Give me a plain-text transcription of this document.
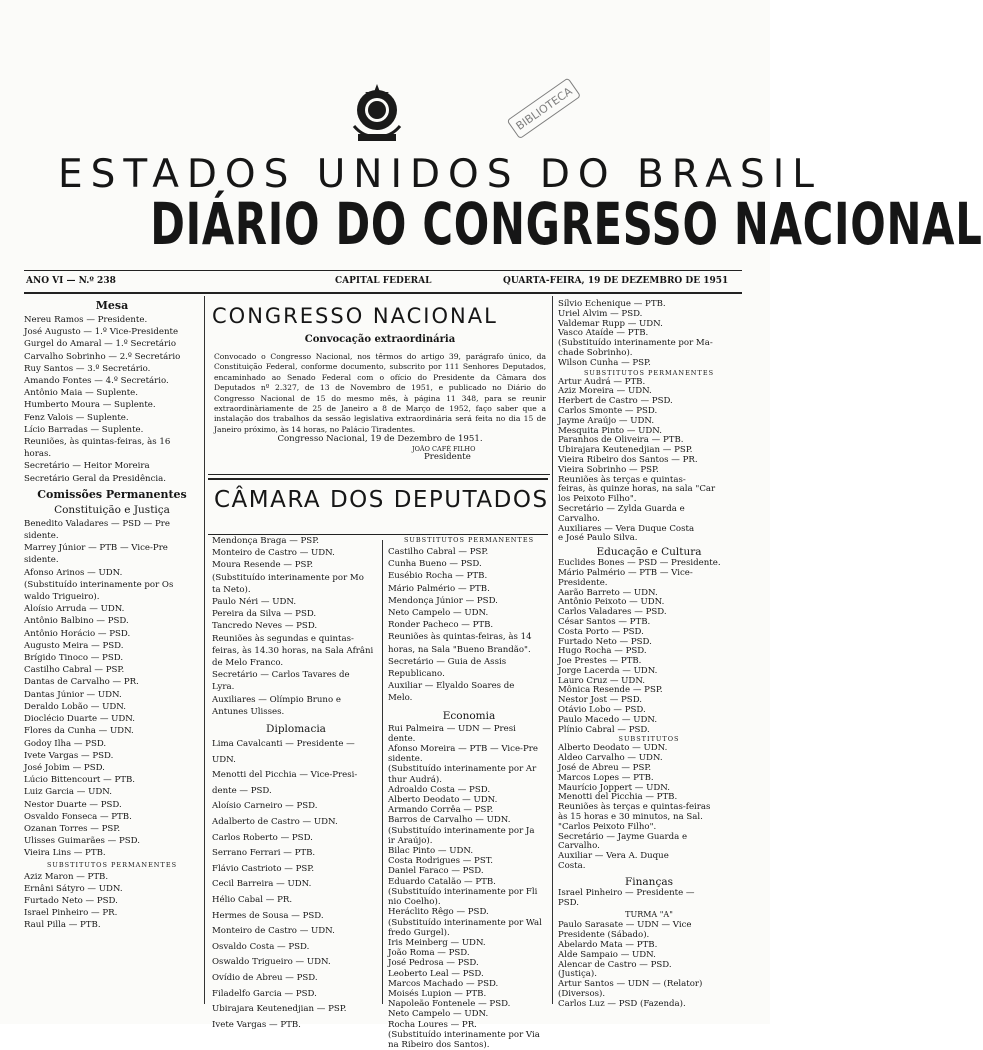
BIBLIOTECA
ESTADOS UNIDOS DO BRASIL
DIÁRIO DO CONGRESSO NACIONAL
ANO VI — N.º 238	CAPITAL FEDERAL	QUARTA-FEIRA, 19 DE DEZEMBRO DE 1951
Mesa
Nereu Ramos — Presidente.
José Augusto — 1.º Vice-Presidente
Gurgel do Amaral — 1.º Secretário
Carvalho Sobrinho — 2.º Secretário
Ruy Santos — 3.º Secretário.
Amando Fontes — 4.º Secretário.
Antônio Maia — Suplente.
Humberto Moura — Suplente.
Fenz Valois — Suplente.
Lício Barradas — Suplente.
Reuniões, às quintas-feiras, às 16
horas.
Secretário — Heitor Moreira
Secretário Geral da Presidência.
Comissões Permanentes
Constituição e Justiça
Benedito Valadares — PSD — Pre
sidente.
Marrey Júnior — PTB — Vice-Pre
sidente.
Afonso Arinos — UDN.
(Substituído interinamente por Os
waldo Trigueiro).
Aloísio Arruda — UDN.
Antônio Balbino — PSD.
Antônio Horácio — PSD.
Augusto Meira — PSD.
Brígido Tinoco — PSD.
Castilho Cabral — PSP.
Dantas de Carvalho — PR.
Dantas Júnior — UDN.
Deraldo Lobão — UDN.
Dioclécio Duarte — UDN.
Flores da Cunha — UDN.
Godoy Ilha — PSD.
Ivete Vargas — PSD.
José Jobim — PSD.
Lúcio Bittencourt — PTB.
Luiz Garcia — UDN.
Nestor Duarte — PSD.
Osvaldo Fonseca — PTB.
Ozanan Torres — PSP.
Ulisses Guimarães — PSD.
Vieira Lins — PTB.
SUBSTITUTOS PERMANENTES
Aziz Maron — PTB.
Ernâni Sátyro — UDN.
Furtado Neto — PSD.
Israel Pinheiro — PR.
Raul Pilla — PTB.
CONGRESSO NACIONAL
Convocação extraordinária
Convocado o Congresso Nacional, nos têrmos do artigo 39, parágrafo único, da Constituição Federal, conforme documento, subscrito por 111 Senhores Deputados, encaminhado ao Senado Federal com o ofício do Presidente da Câmara dos Deputados nº 2.327, de 13 de Novembro de 1951, e publicado no Diário do Congresso Nacional de 15 do mesmo mês, à página 11 348, para se reunir extraordinàriamente de 25 de Janeiro a 8 de Março de 1952, faço saber que a instalação dos trabalhos da sessão legislativa extraordinária será feita no dia 15 de Janeiro próximo, às 14 horas, no Palácio Tiradentes.
Congresso Nacional, 19 de Dezembro de 1951.
JOÃO CAFÉ FILHO
Presidente
CÂMARA DOS DEPUTADOS
Mendonça Braga — PSP.
Monteiro de Castro — UDN.
Moura Resende — PSP.
(Substituído interinamente por Mo
ta Neto).
Paulo Néri — UDN.
Pereira da Silva — PSD.
Tancredo Neves — PSD.
Reuniões às segundas e quintas-
feiras, às 14.30 horas, na Sala Afrâni
de Melo Franco.
Secretário — Carlos Tavares de
Lyra.
Auxiliares — Olímpio Bruno e
Antunes Ulisses.
Diplomacia
Lima Cavalcanti — Presidente —
UDN.
Menotti del Picchia — Vice-Presi-
dente — PSD.
Aloísio Carneiro — PSD.
Adalberto de Castro — UDN.
Carlos Roberto — PSD.
Serrano Ferrari — PTB.
Flávio Castrioto — PSP.
Cecil Barreira — UDN.
Hélio Cabal — PR.
Hermes de Sousa — PSD.
Monteiro de Castro — UDN.
Osvaldo Costa — PSD.
Oswaldo Trigueiro — UDN.
Ovídio de Abreu — PSD.
Filadelfo Garcia — PSD.
Ubirajara Keutenedjian — PSP.
Ivete Vargas — PTB.
SUBSTITUTOS PERMANENTES
Castilho Cabral — PSP.
Cunha Bueno — PSD.
Eusébio Rocha — PTB.
Mário Palmério — PTB.
Mendonça Júnior — PSD.
Neto Campelo — UDN.
Ronder Pacheco — PTB.
Reuniões às quintas-feiras, às 14
horas, na Sala "Bueno Brandão".
Secretário — Guia de Assis
Republicano.
Auxiliar — Elyaldo Soares de
Melo.
Economia
Rui Palmeira — UDN — Presi
dente.
Afonso Moreira — PTB — Vice-Pre
sidente.
(Substituído interinamente por Ar
thur Audrá).
Adroaldo Costa — PSD.
Alberto Deodato — UDN.
Armando Corrêa — PSP.
Barros de Carvalho — UDN.
(Substituído interinamente por Ja
ir Araújo).
Bilac Pinto — UDN.
Costa Rodrigues — PST.
Daniel Faraco — PSD.
Eduardo Catalão — PTB.
(Substituído interinamente por Fli
nio Coelho).
Heráclito Rêgo — PSD.
(Substituído interinamente por Wal
fredo Gurgel).
Iris Meinberg — UDN.
João Roma — PSD.
José Pedrosa — PSD.
Leoberto Leal — PSD.
Marcos Machado — PSD.
Moisés Lupion — PTB.
Napoleão Fontenele — PSD.
Neto Campelo — UDN.
Rocha Loures — PR.
(Substituído interinamente por Via
na Ribeiro dos Santos).
Sílvio Echenique — PTB.
Uriel Alvim — PSD.
Valdemar Rupp — UDN.
Vasco Ataíde — PTB.
(Substituído interinamente por Ma-
chade Sobrinho).
Wilson Cunha — PSP.
SUBSTITUTOS PERMANENTES
Artur Audrá — PTB.
Aziz Moreira — UDN.
Herbert de Castro — PSD.
Carlos Smonte — PSD.
Jayme Araújo — UDN.
Mesquita Pinto — UDN.
Paranhos de Oliveira — PTB.
Ubirajara Keutenedjian — PSP.
Vieira Ribeiro dos Santos — PR.
Vieira Sobrinho — PSP.
Reuniões às terças e quintas-
feiras, às quinze horas, na sala "Car
los Peixoto Filho".
Secretário — Zylda Guarda e
Carvalho.
Auxiliares — Vera Duque Costa
e José Paulo Silva.
Educação e Cultura
Euclides Bones — PSD — Presidente.
Mário Palmério — PTB — Vice-
Presidente.
Aarão Barreto — UDN.
Antônio Peixoto — UDN.
Carlos Valadares — PSD.
César Santos — PTB.
Costa Porto — PSD.
Furtado Neto — PSD.
Hugo Rocha — PSD.
Joe Prestes — PTB.
Jorge Lacerda — UDN.
Lauro Cruz — UDN.
Mônica Resende — PSP.
Nestor Jost — PSD.
Otávio Lobo — PSD.
Paulo Macedo — UDN.
Plínio Cabral — PSD.
SUBSTITUTOS
Alberto Deodato — UDN.
Aldeo Carvalho — UDN.
José de Abreu — PSP.
Marcos Lopes — PTB.
Maurício Joppert — UDN.
Menotti del Picchia — PTB.
Reuniões às terças e quintas-feiras
às 15 horas e 30 minutos, na Sal.
"Carlos Peixoto Filho".
Secretário — Jayme Guarda e
Carvalho.
Auxiliar — Vera A. Duque
Costa.
Finanças
Israel Pinheiro — Presidente —
PSD.
TURMA "A"
Paulo Sarasate — UDN — Vice
Presidente (Sábado).
Abelardo Mata — PTB.
Alde Sampaio — UDN.
Alencar de Castro — PSD.
(Justiça).
Artur Santos — UDN — (Relator)
(Diversos).
Carlos Luz — PSD (Fazenda).
